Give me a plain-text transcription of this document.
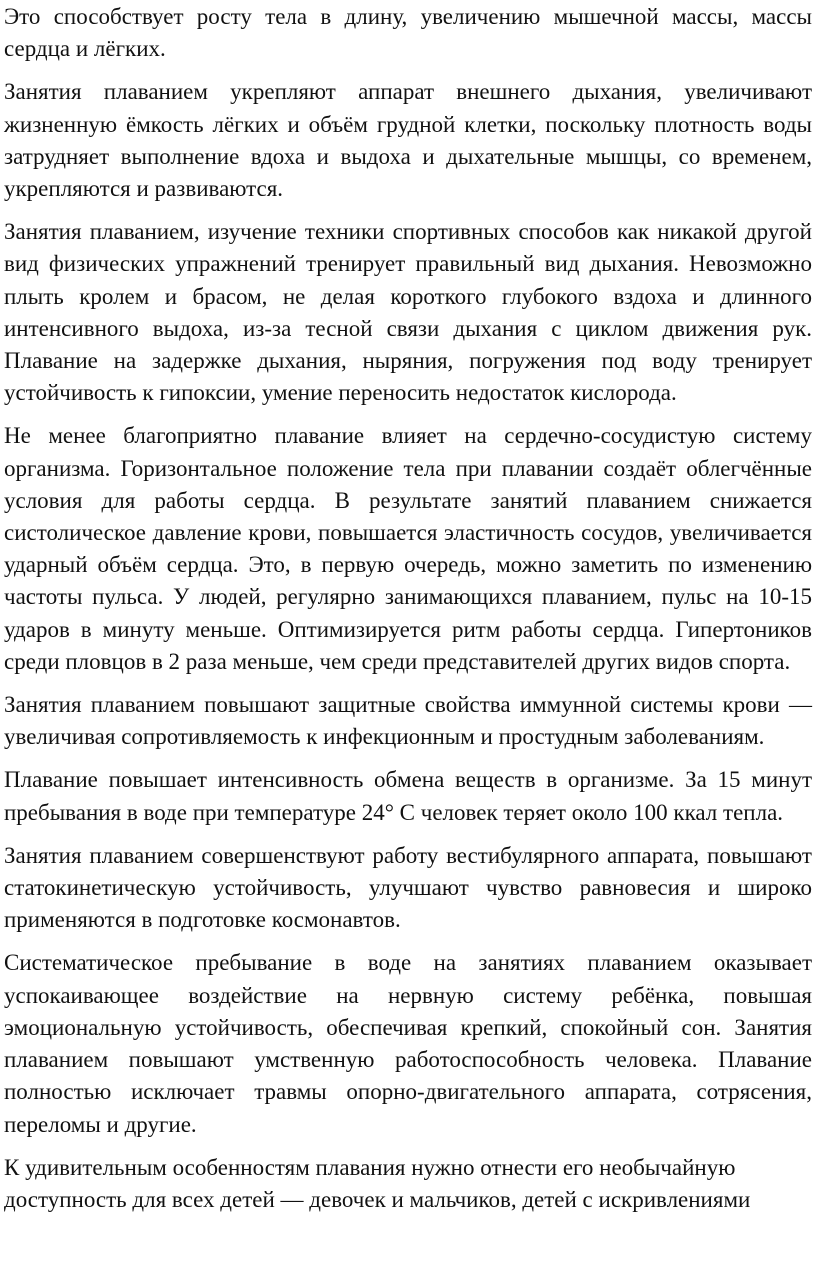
Это способствует росту тела в длину, увеличению мышечной массы, массы сердца и лёгких.

Занятия плаванием укрепляют аппарат внешнего дыхания, увеличивают жизненную ёмкость лёгких и объём грудной клетки, поскольку плотность воды затрудняет выполнение вдоха и выдоха и дыхательные мышцы, со временем, укрепляются и развиваются.

Занятия плаванием, изучение техники спортивных способов как никакой другой вид физических упражнений тренирует правильный вид дыхания. Невозможно плыть кролем и брасом, не делая короткого глубокого вздоха и длинного интенсивного выдоха, из-за тесной связи дыхания с циклом движения рук. Плавание на задержке дыхания, ныряния, погружения под воду тренирует устойчивость к гипоксии, умение переносить недостаток кислорода.

Не менее благоприятно плавание влияет на сердечно-сосудистую систему организма. Горизонтальное положение тела при плавании создаёт облегчённые условия для работы сердца. В результате занятий плаванием снижается систолическое давление крови, повышается эластичность сосудов, увеличивается ударный объём сердца. Это, в первую очередь, можно заметить по изменению частоты пульса. У людей, регулярно занимающихся плаванием, пульс на 10-15 ударов в минуту меньше. Оптимизируется ритм работы сердца. Гипертоников среди пловцов в 2 раза меньше, чем среди представителей других видов спорта.

Занятия плаванием повышают защитные свойства иммунной системы крови — увеличивая сопротивляемость к инфекционным и простудным заболеваниям.

Плавание повышает интенсивность обмена веществ в организме. За 15 минут пребывания в воде при температуре 24° С человек теряет около 100 ккал тепла.

Занятия плаванием совершенствуют работу вестибулярного аппарата, повышают статокинетическую устойчивость, улучшают чувство равновесия и широко применяются в подготовке космонавтов.

Систематическое пребывание в воде на занятиях плаванием оказывает успокаивающее воздействие на нервную систему ребёнка, повышая эмоциональную устойчивость, обеспечивая крепкий, спокойный сон. Занятия плаванием повышают умственную работоспособность человека. Плавание полностью исключает травмы опорно-двигательного аппарата, сотрясения, переломы и другие.

К удивительным особенностям плавания нужно отнести его необычайную доступность для всех детей — девочек и мальчиков, детей с искривлениями
